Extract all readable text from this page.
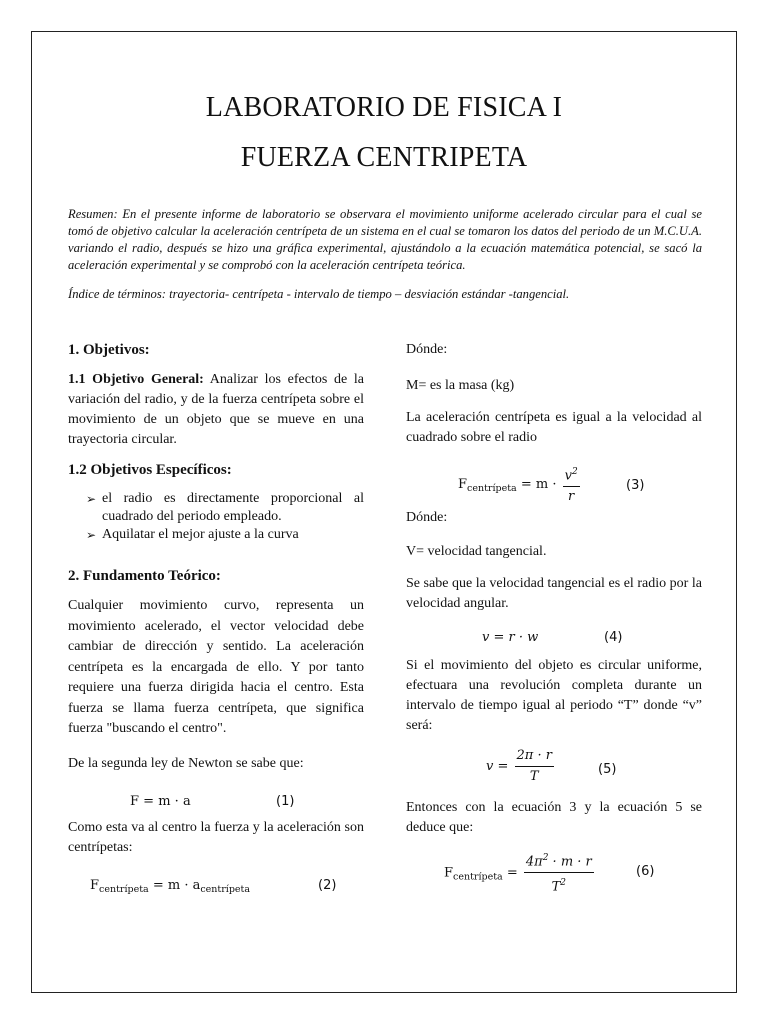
LABORATORIO DE FISICA I
FUERZA CENTRIPETA
Resumen: En el presente informe de laboratorio se observara el movimiento uniforme acelerado circular para el cual se tomó de objetivo calcular la aceleración centrípeta de un sistema en el cual se tomaron los datos del periodo de un M.C.U.A. variando el radio, después se hizo una gráfica experimental, ajustándolo a la ecuación matemática potencial, se sacó la aceleración experimental y se comprobó con la aceleración centrípeta teórica.
Índice de términos: trayectoria- centrípeta - intervalo de tiempo – desviación estándar -tangencial.
1. Objetivos:

1.1 Objetivo General: Analizar los efectos de la variación del radio, y de la fuerza centrípeta sobre el movimiento de un objeto que se mueve en una trayectoria circular.

1.2 Objetivos Específicos:
➢ el radio es directamente proporcional al cuadrado del periodo empleado.
➢ Aquilatar el mejor ajuste a la curva
2. Fundamento Teórico:

Cualquier movimiento curvo, representa un movimiento acelerado, el vector velocidad debe cambiar de dirección y sentido. La aceleración centrípeta es la encargada de ello. Y por tanto requiere una fuerza dirigida hacia el centro. Esta fuerza se llama fuerza centrípeta, que significa fuerza "buscando el centro".

De la segunda ley de Newton se sabe que:

F = m · a	(1)

Como esta va al centro la fuerza y la aceleración son centrípetas:

$F_{centrípeta} = m \cdot a_{centrípeta}$	(2)

Dónde:

M= es la masa (kg)

La aceleración centrípeta es igual a la velocidad al cuadrado sobre el radio

$F_{centrípeta} = m \cdot \frac{v^2}{r}$	(3)

Dónde:

V= velocidad tangencial.

Se sabe que la velocidad tangencial es el radio por la velocidad angular.

v = r · w	(4)

Si el movimiento del objeto es circular uniforme, efectuara una revolución completa durante un intervalo de tiempo igual al periodo “T” donde “v” será:

$v = \frac{2\pi \cdot r}{T}$	(5)

Entonces con la ecuación 3 y la ecuación 5 se deduce que:

$F_{centrípeta} = \frac{4\pi^2 \cdot m \cdot r}{T^2}$	(6)
